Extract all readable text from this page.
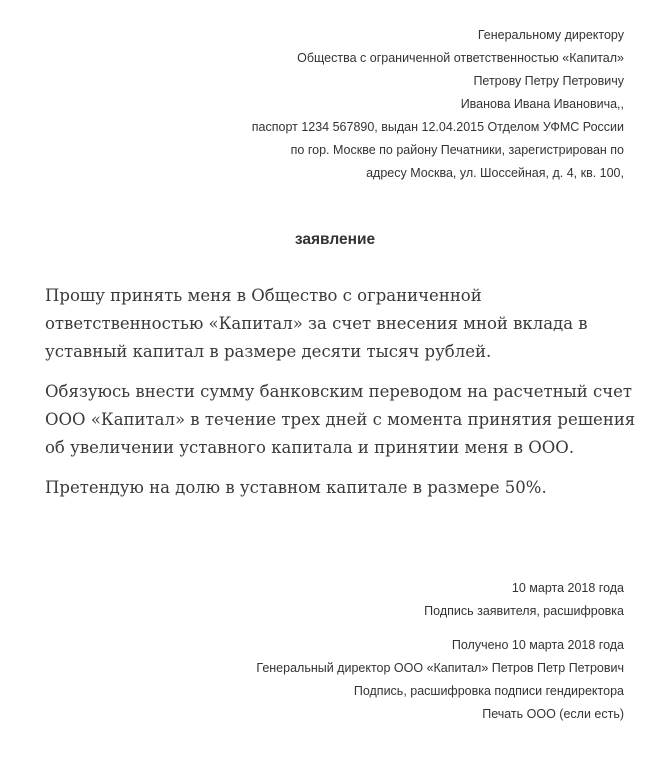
Генеральному директору
Общества с ограниченной ответственностью «Капитал»
Петрову Петру Петровичу
Иванова Ивана Ивановича,,
паспорт 1234 567890, выдан 12.04.2015 Отделом УФМС России
по гор. Москве по району Печатники, зарегистрирован по
адресу Москва, ул. Шоссейная, д. 4, кв. 100,
заявление

Прошу принять меня в Общество с ограниченной ответственностью «Капитал» за счет внесения мной вклада в уставный капитал в размере десяти тысяч рублей.

Обязуюсь внести сумму банковским переводом на расчетный счет ООО «Капитал» в течение трех дней с момента принятия решения об увеличении уставного капитала и принятии меня в ООО.

Претендую на долю в уставном капитале в размере 50%.

10 марта 2018 года
Подпись заявителя, расшифровка
Получено 10 марта 2018 года
Генеральный директор ООО «Капитал» Петров Петр Петрович
Подпись, расшифровка подписи гендиректора
Печать ООО (если есть)
